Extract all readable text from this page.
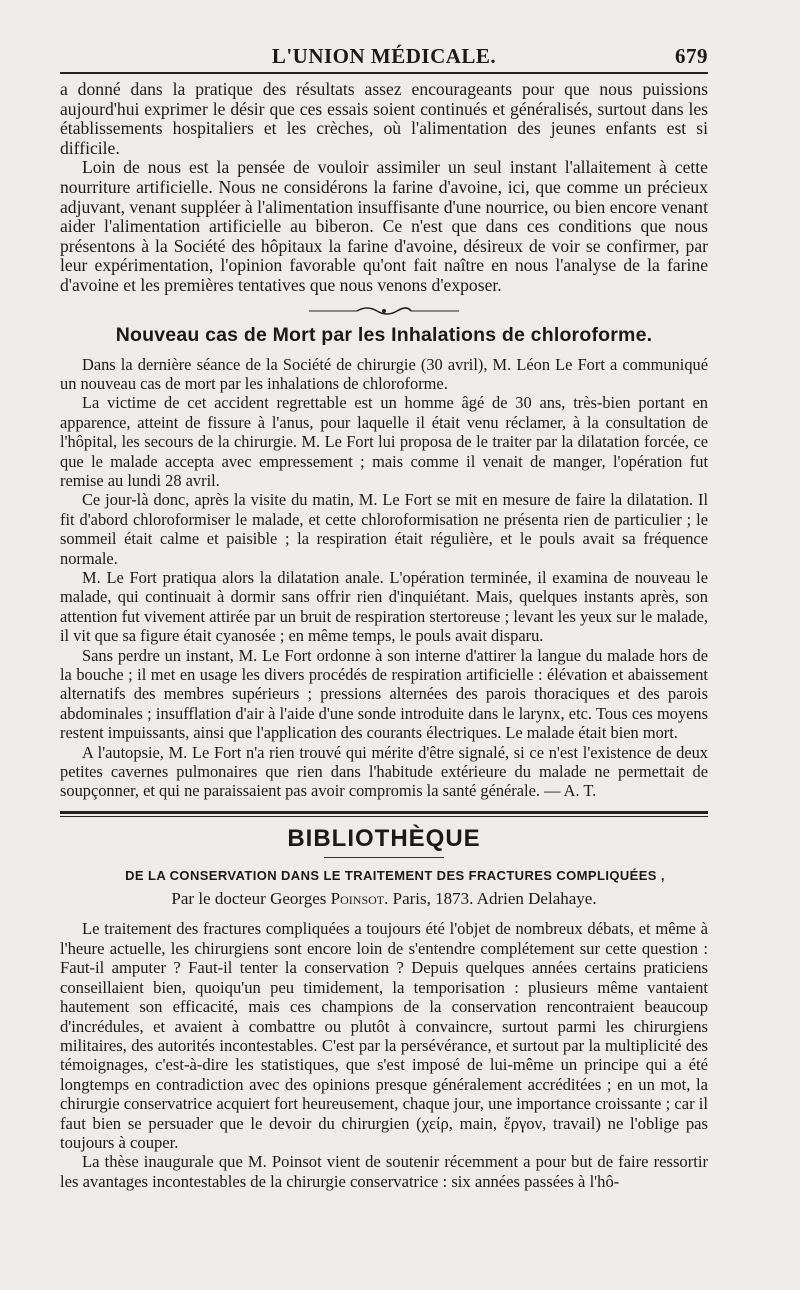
L'UNION MÉDICALE.	679

a donné dans la pratique des résultats assez encourageants pour que nous puissions aujourd'hui exprimer le désir que ces essais soient continués et généralisés, surtout dans les établissements hospitaliers et les crèches, où l'alimentation des jeunes enfants est si difficile.

Loin de nous est la pensée de vouloir assimiler un seul instant l'allaitement à cette nourriture artificielle. Nous ne considérons la farine d'avoine, ici, que comme un précieux adjuvant, venant suppléer à l'alimentation insuffisante d'une nourrice, ou bien encore venant aider l'alimentation artificielle au biberon. Ce n'est que dans ces conditions que nous présentons à la Société des hôpitaux la farine d'avoine, désireux de voir se confirmer, par leur expérimentation, l'opinion favorable qu'ont fait naître en nous l'analyse de la farine d'avoine et les premières tentatives que nous venons d'exposer.

Nouveau cas de Mort par les Inhalations de chloroforme.

Dans la dernière séance de la Société de chirurgie (30 avril), M. Léon Le Fort a communiqué un nouveau cas de mort par les inhalations de chloroforme.

La victime de cet accident regrettable est un homme âgé de 30 ans, très-bien portant en apparence, atteint de fissure à l'anus, pour laquelle il était venu réclamer, à la consultation de l'hôpital, les secours de la chirurgie. M. Le Fort lui proposa de le traiter par la dilatation forcée, ce que le malade accepta avec empressement ; mais comme il venait de manger, l'opération fut remise au lundi 28 avril.

Ce jour-là donc, après la visite du matin, M. Le Fort se mit en mesure de faire la dilatation. Il fit d'abord chloroformiser le malade, et cette chloroformisation ne présenta rien de particulier ; le sommeil était calme et paisible ; la respiration était régulière, et le pouls avait sa fréquence normale.

M. Le Fort pratiqua alors la dilatation anale. L'opération terminée, il examina de nouveau le malade, qui continuait à dormir sans offrir rien d'inquiétant. Mais, quelques instants après, son attention fut vivement attirée par un bruit de respiration stertoreuse ; levant les yeux sur le malade, il vit que sa figure était cyanosée ; en même temps, le pouls avait disparu.

Sans perdre un instant, M. Le Fort ordonne à son interne d'attirer la langue du malade hors de la bouche ; il met en usage les divers procédés de respiration artificielle : élévation et abaissement alternatifs des membres supérieurs ; pressions alternées des parois thoraciques et des parois abdominales ; insufflation d'air à l'aide d'une sonde introduite dans le larynx, etc. Tous ces moyens restent impuissants, ainsi que l'application des courants électriques. Le malade était bien mort.

A l'autopsie, M. Le Fort n'a rien trouvé qui mérite d'être signalé, si ce n'est l'existence de deux petites cavernes pulmonaires que rien dans l'habitude extérieure du malade ne permettait de soupçonner, et qui ne paraissaient pas avoir compromis la santé générale. — A. T.

BIBLIOTHÈQUE

DE LA CONSERVATION DANS LE TRAITEMENT DES FRACTURES COMPLIQUÉES ,

Par le docteur Georges Poinsot. Paris, 1873. Adrien Delahaye.

Le traitement des fractures compliquées a toujours été l'objet de nombreux débats, et même à l'heure actuelle, les chirurgiens sont encore loin de s'entendre complétement sur cette question : Faut-il amputer ? Faut-il tenter la conservation ? Depuis quelques années certains praticiens conseillaient bien, quoiqu'un peu timidement, la temporisation : plusieurs même vantaient hautement son efficacité, mais ces champions de la conservation rencontraient beaucoup d'incrédules, et avaient à combattre ou plutôt à convaincre, surtout parmi les chirurgiens militaires, des autorités incontestables. C'est par la persévérance, et surtout par la multiplicité des témoignages, c'est-à-dire les statistiques, que s'est imposé de lui-même un principe qui a été longtemps en contradiction avec des opinions presque généralement accréditées ; en un mot, la chirurgie conservatrice acquiert fort heureusement, chaque jour, une importance croissante ; car il faut bien se persuader que le devoir du chirurgien (χείρ, main, ἔργον, travail) ne l'oblige pas toujours à couper.

La thèse inaugurale que M. Poinsot vient de soutenir récemment a pour but de faire ressortir les avantages incontestables de la chirurgie conservatrice : six années passées à l'hô-
